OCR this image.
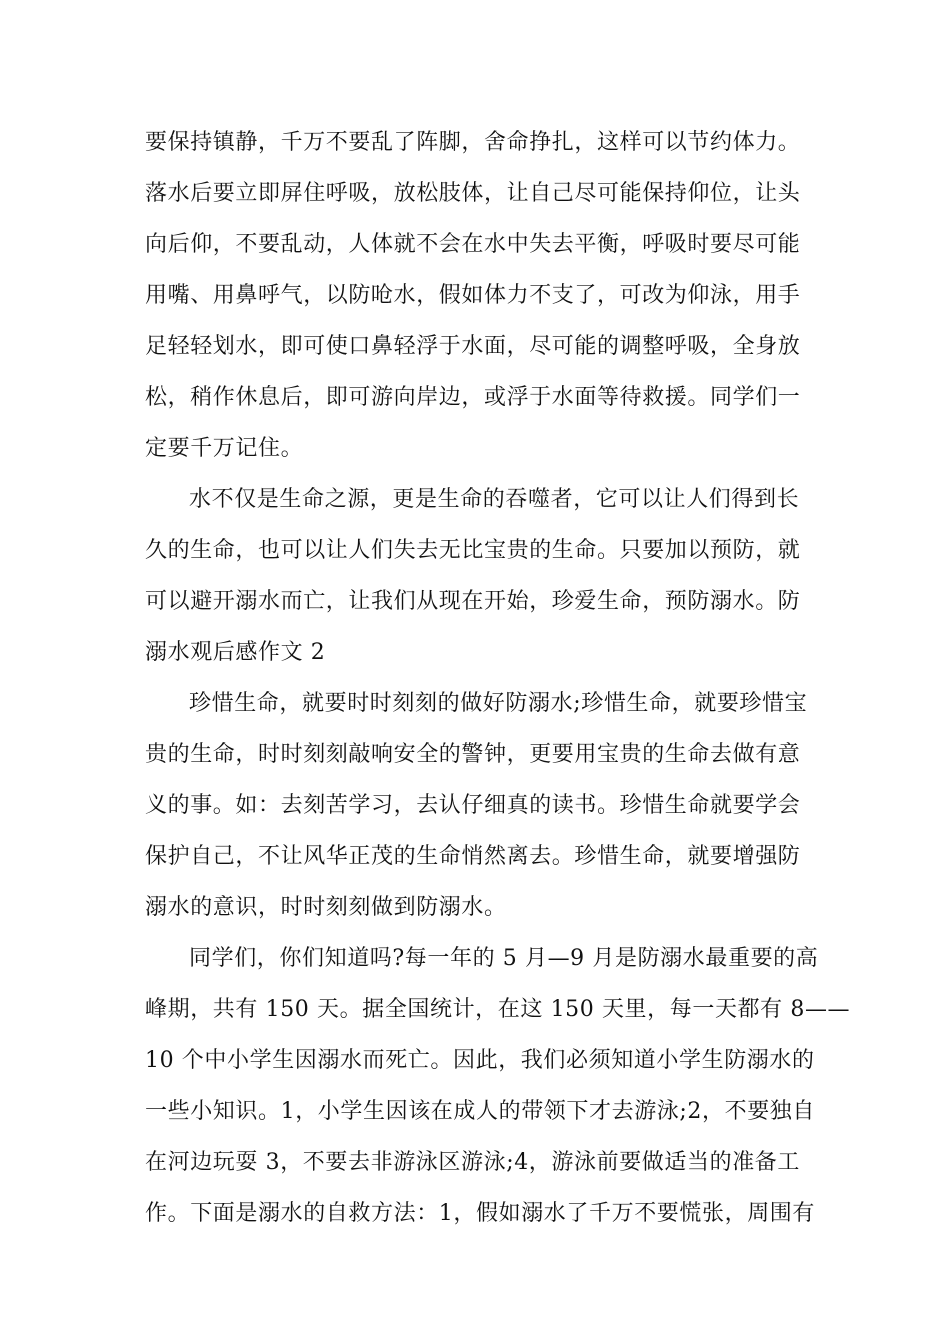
要保持镇静，千万不要乱了阵脚，舍命挣扎，这样可以节约体力。
落水后要立即屏住呼吸，放松肢体，让自己尽可能保持仰位，让头
向后仰，不要乱动，人体就不会在水中失去平衡，呼吸时要尽可能
用嘴、用鼻呼气，以防呛水，假如体力不支了，可改为仰泳，用手
足轻轻划水，即可使口鼻轻浮于水面，尽可能的调整呼吸，全身放
松，稍作休息后，即可游向岸边，或浮于水面等待救援。同学们一
定要千万记住。
水不仅是生命之源，更是生命的吞噬者，它可以让人们得到长
久的生命，也可以让人们失去无比宝贵的生命。只要加以预防，就
可以避开溺水而亡，让我们从现在开始，珍爱生命，预防溺水。防
溺水观后感作文 2
珍惜生命，就要时时刻刻的做好防溺水;珍惜生命，就要珍惜宝
贵的生命，时时刻刻敲响安全的警钟，更要用宝贵的生命去做有意
义的事。如：去刻苦学习，去认仔细真的读书。珍惜生命就要学会
保护自己，不让风华正茂的生命悄然离去。珍惜生命，就要增强防
溺水的意识，时时刻刻做到防溺水。
同学们，你们知道吗?每一年的 5 月—9 月是防溺水最重要的高
峰期，共有 150 天。据全国统计，在这 150 天里，每一天都有 8——
10 个中小学生因溺水而死亡。因此，我们必须知道小学生防溺水的
一些小知识。1，小学生因该在成人的带领下才去游泳;2，不要独自
在河边玩耍 3，不要去非游泳区游泳;4，游泳前要做适当的准备工
作。下面是溺水的自救方法：1，假如溺水了千万不要慌张，周围有
